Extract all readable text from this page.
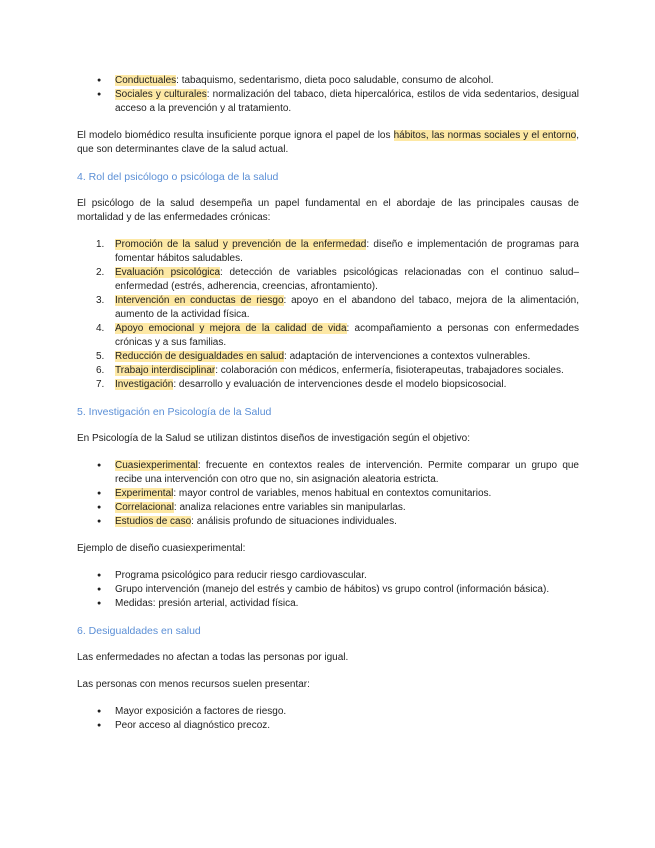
● Conductuales: tabaquismo, sedentarismo, dieta poco saludable, consumo de alcohol.
● Sociales y culturales: normalización del tabaco, dieta hipercalórica, estilos de vida sedentarios, desigual acceso a la prevención y al tratamiento.

El modelo biomédico resulta insuficiente porque ignora el papel de los hábitos, las normas sociales y el entorno, que son determinantes clave de la salud actual.

4. Rol del psicólogo o psicóloga de la salud

El psicólogo de la salud desempeña un papel fundamental en el abordaje de las principales causas de mortalidad y de las enfermedades crónicas:

1. Promoción de la salud y prevención de la enfermedad: diseño e implementación de programas para fomentar hábitos saludables.
2. Evaluación psicológica: detección de variables psicológicas relacionadas con el continuo salud–enfermedad (estrés, adherencia, creencias, afrontamiento).
3. Intervención en conductas de riesgo: apoyo en el abandono del tabaco, mejora de la alimentación, aumento de la actividad física.
4. Apoyo emocional y mejora de la calidad de vida: acompañamiento a personas con enfermedades crónicas y a sus familias.
5. Reducción de desigualdades en salud: adaptación de intervenciones a contextos vulnerables.
6. Trabajo interdisciplinar: colaboración con médicos, enfermería, fisioterapeutas, trabajadores sociales.
7. Investigación: desarrollo y evaluación de intervenciones desde el modelo biopsicosocial.
5. Investigación en Psicología de la Salud

En Psicología de la Salud se utilizan distintos diseños de investigación según el objetivo:

● Cuasiexperimental: frecuente en contextos reales de intervención. Permite comparar un grupo que recibe una intervención con otro que no, sin asignación aleatoria estricta.
● Experimental: mayor control de variables, menos habitual en contextos comunitarios.
● Correlacional: analiza relaciones entre variables sin manipularlas.
● Estudios de caso: análisis profundo de situaciones individuales.

Ejemplo de diseño cuasiexperimental:

● Programa psicológico para reducir riesgo cardiovascular.
● Grupo intervención (manejo del estrés y cambio de hábitos) vs grupo control (información básica).
● Medidas: presión arterial, actividad física.
6. Desigualdades en salud

Las enfermedades no afectan a todas las personas por igual.

Las personas con menos recursos suelen presentar:

● Mayor exposición a factores de riesgo.
● Peor acceso al diagnóstico precoz.
